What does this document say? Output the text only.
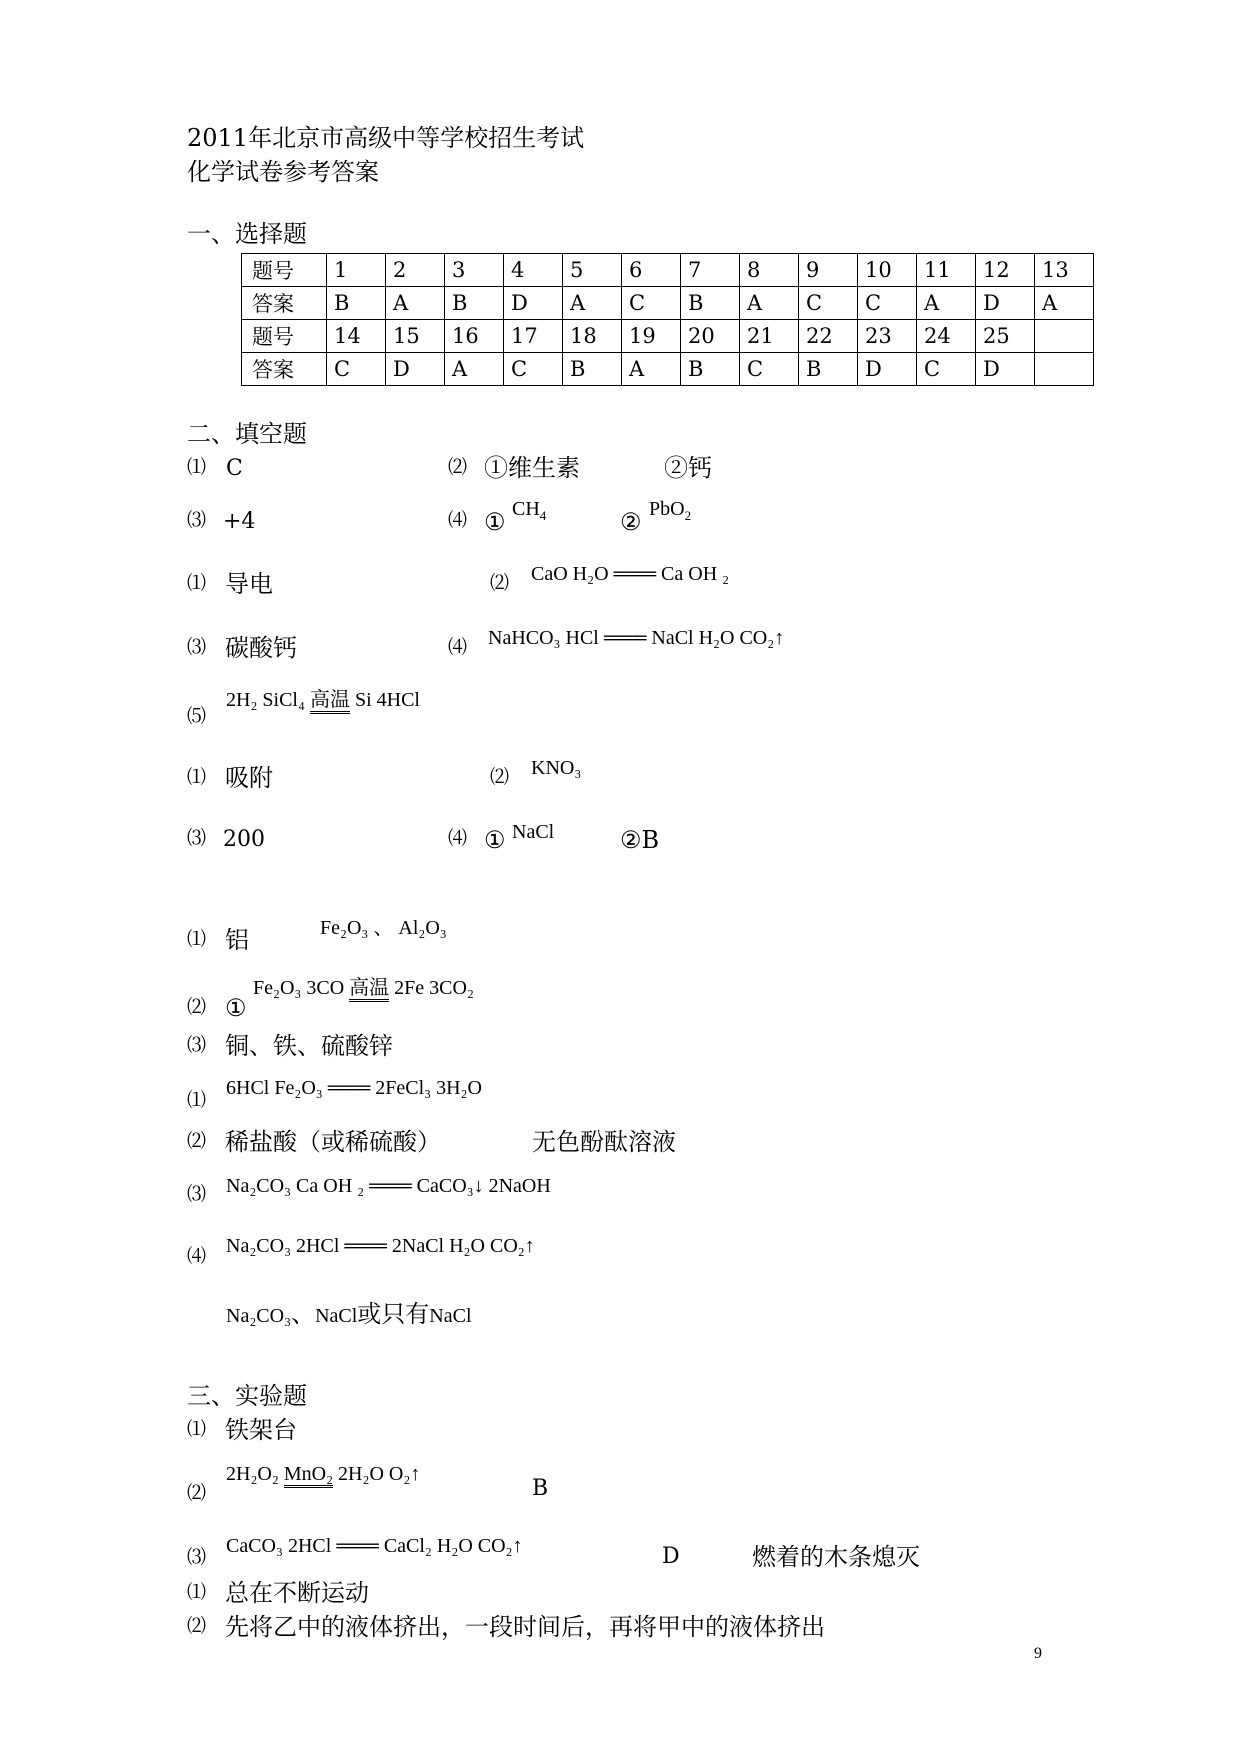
2011年北京市高级中等学校招生考试
化学试卷参考答案
一、选择题
题号	1	2	3	4	5	6	7	8	9	10	11	12	13
答案	B	A	B	D	A	C	B	A	C	C	A	D	A
题号	14	15	16	17	18	19	20	21	22	23	24	25	
答案	C	D	A	C	B	A	B	C	B	D	C	D	
二、填空题
⑴ C	⑵ ①维生素	②钙
⑶ +4	⑷ ① $CH_4$	② PbO$_2$
⑴ 导电	⑵ CaO H₂O ═══ Ca OH ₂
⑶ 碳酸钙	⑷ NaHCO₃ HCl ═══ NaCl H₂O CO₂↑
⑸
2H₂ SiCl₄ 高温 Si 4HCl
⑴ 吸附	⑵ KNO₃
⑶ 200	⑷ ① NaCl	②B
⑴ 铝	Fe₂O₃ 、 Al₂O₃
⑵ ①
Fe₂O₃ 3CO 高温 2Fe 3CO₂
⑶ 铜、铁、硫酸锌
⑴
6HCl Fe₂O₃ ═══ 2FeCl₃ 3H₂O
⑵ 稀盐酸（或稀硫酸）	无色酚酞溶液
⑶ Na₂CO₃ Ca OH ₂ ═══ CaCO₃↓ 2NaOH
⑷ Na₂CO₃ 2HCl ═══ 2NaCl H₂O CO₂↑
Na₂CO₃、NaCl或只有NaCl
三、实验题
⑴ 铁架台
⑵
2H₂O₂ MnO₂ 2H₂O O₂↑
B
⑶ CaCO₃ 2HCl ═══ CaCl₂ H₂O CO₂↑	D	燃着的木条熄灭
⑴ 总在不断运动
⑵ 先将乙中的液体挤出，一段时间后，再将甲中的液体挤出
9
